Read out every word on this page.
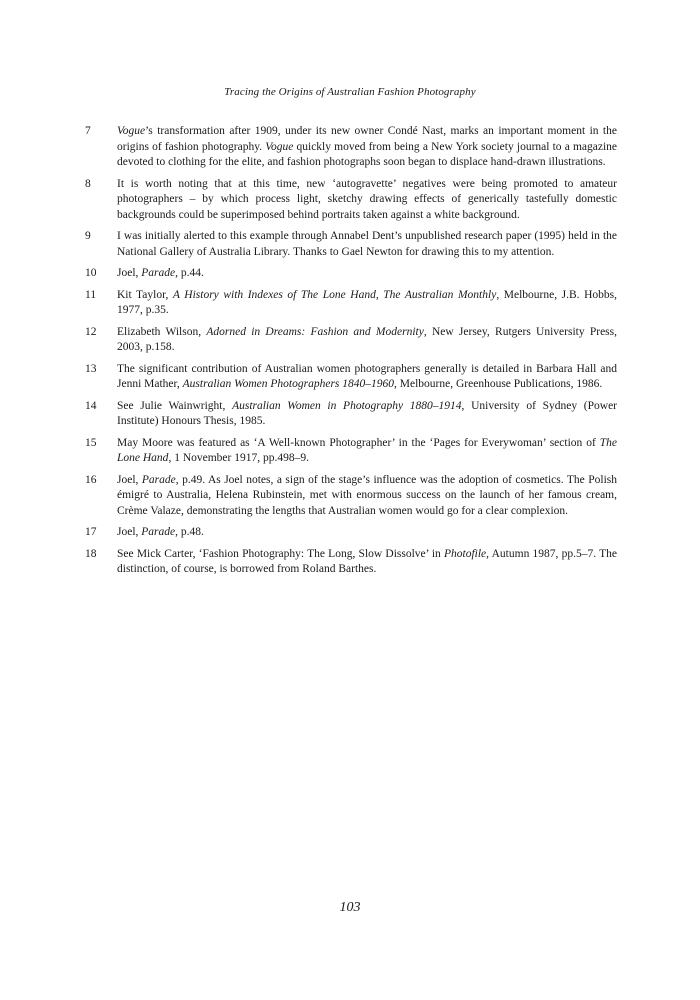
Tracing the Origins of Australian Fashion Photography
7	Vogue’s transformation after 1909, under its new owner Condé Nast, marks an important moment in the origins of fashion photography. Vogue quickly moved from being a New York society journal to a magazine devoted to clothing for the elite, and fashion photographs soon began to displace hand-drawn illustrations.
8	It is worth noting that at this time, new ‘autogravette’ negatives were being promoted to amateur photographers – by which process light, sketchy drawing effects of generically tastefully domestic backgrounds could be superimposed behind portraits taken against a white background.
9	I was initially alerted to this example through Annabel Dent’s unpublished research paper (1995) held in the National Gallery of Australia Library. Thanks to Gael Newton for drawing this to my attention.
10	Joel, Parade, p.44.
11	Kit Taylor, A History with Indexes of The Lone Hand, The Australian Monthly, Melbourne, J.B. Hobbs, 1977, p.35.
12	Elizabeth Wilson, Adorned in Dreams: Fashion and Modernity, New Jersey, Rutgers University Press, 2003, p.158.
13	The significant contribution of Australian women photographers generally is detailed in Barbara Hall and Jenni Mather, Australian Women Photographers 1840–1960, Melbourne, Greenhouse Publications, 1986.
14	See Julie Wainwright, Australian Women in Photography 1880–1914, University of Sydney (Power Institute) Honours Thesis, 1985.
15	May Moore was featured as ‘A Well-known Photographer’ in the ‘Pages for Everywoman’ section of The Lone Hand, 1 November 1917, pp.498–9.
16	Joel, Parade, p.49. As Joel notes, a sign of the stage’s influence was the adoption of cosmetics. The Polish émigré to Australia, Helena Rubinstein, met with enormous success on the launch of her famous cream, Crème Valaze, demonstrating the lengths that Australian women would go for a clear complexion.
17	Joel, Parade, p.48.
18	See Mick Carter, ‘Fashion Photography: The Long, Slow Dissolve’ in Photofile, Autumn 1987, pp.5–7. The distinction, of course, is borrowed from Roland Barthes.
103
